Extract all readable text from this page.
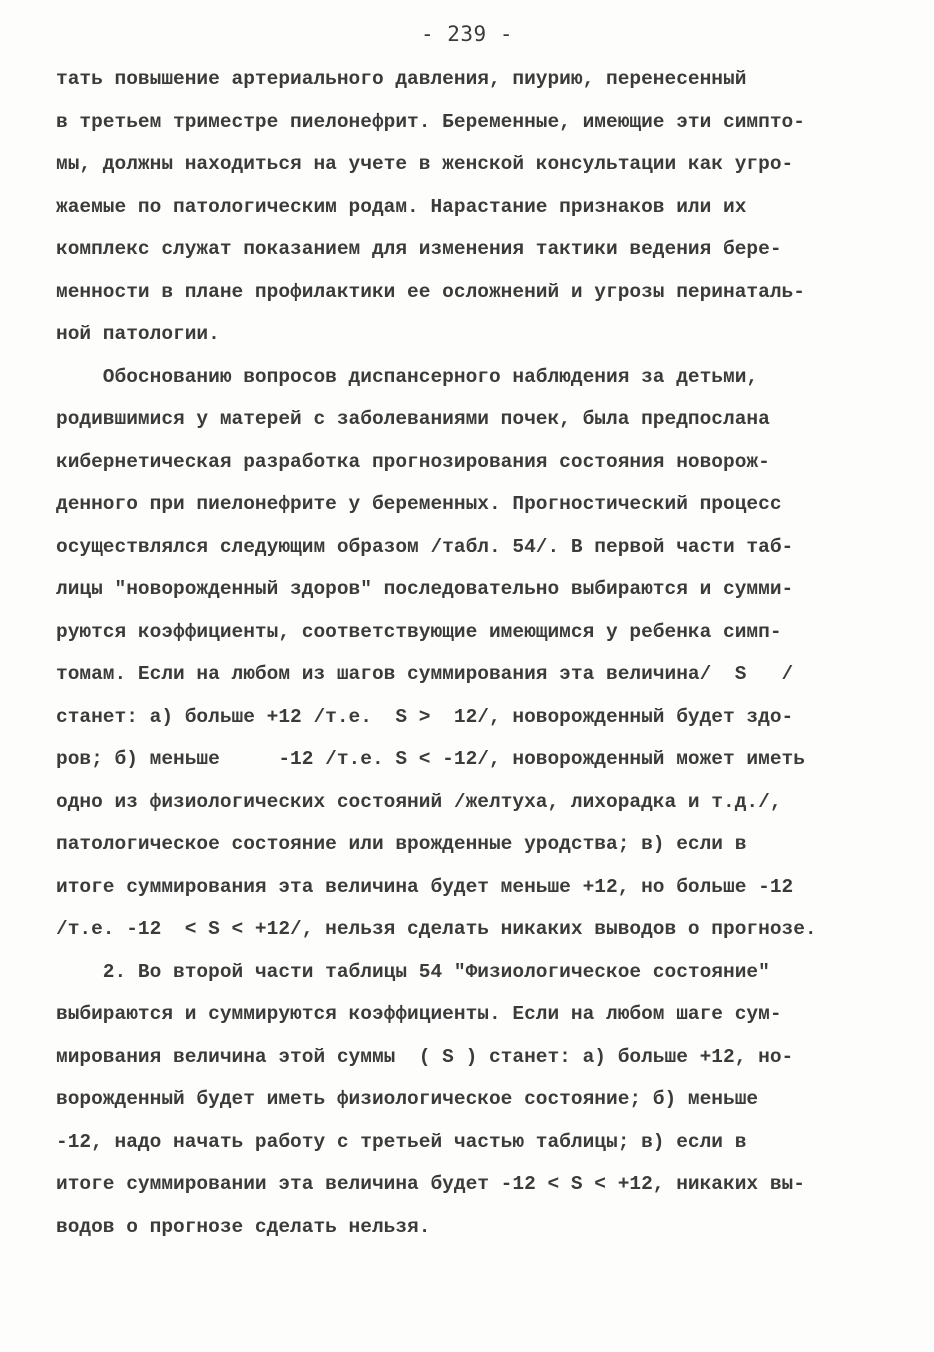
- 239 -
тать повышение артериального давления, пиурию, перенесенный
в третьем триместре пиелонефрит. Беременные, имеющие эти симпто-
мы, должны находиться на учете в женской консультации как угро-
жаемые по патологическим родам. Нарастание признаков или их
комплекс служат показанием для изменения тактики ведения бере-
менности в плане профилактики ее осложнений и угрозы перинаталь-
ной патологии.
Обоснованию вопросов диспансерного наблюдения за детьми,
родившимися у матерей с заболеваниями почек, была предпослана
кибернетическая разработка прогнозирования состояния новорож-
денного при пиелонефрите у беременных. Прогностический процесс
осуществлялся следующим образом /табл. 54/. В первой части таб-
лицы "новорожденный здоров" последовательно выбираются и сумми-
руются коэффициенты, соответствующие имеющимся у ребенка симп-
томам. Если на любом из шагов суммирования эта величина/  S   /
станет: а) больше +12 /т.е.  S >  12/, новорожденный будет здо-
ров; б) меньше     -12 /т.е. S < -12/, новорожденный может иметь
одно из физиологических состояний /желтуха, лихорадка и т.д./,
патологическое состояние или врожденные уродства; в) если в
итоге суммирования эта величина будет меньше +12, но больше -12
/т.е. -12  < S < +12/, нельзя сделать никаких выводов о прогнозе.
2. Во второй части таблицы 54 "Физиологическое состояние"
выбираются и суммируются коэффициенты. Если на любом шаге сум-
мирования величина этой суммы  ( S ) станет: а) больше +12, но-
ворожденный будет иметь физиологическое состояние; б) меньше
-12, надо начать работу с третьей частью таблицы; в) если в
итоге суммировании эта величина будет -12 < S < +12, никаких вы-
водов о прогнозе сделать нельзя.
